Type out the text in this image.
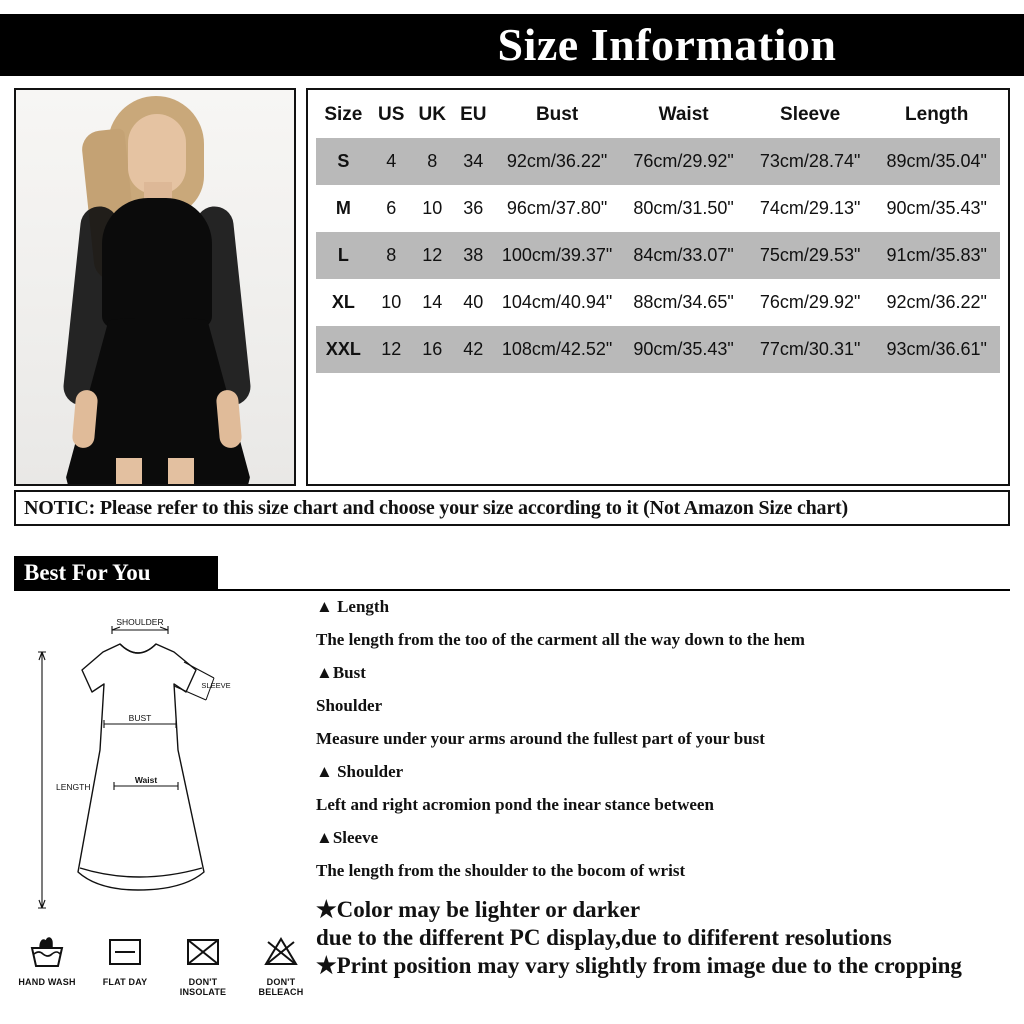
Size Information
Size	US	UK	EU	Bust	Waist	Sleeve	Length
S	4	8	34	92cm/36.22"	76cm/29.92"	73cm/28.74"	89cm/35.04"
M	6	10	36	96cm/37.80"	80cm/31.50"	74cm/29.13"	90cm/35.43"
L	8	12	38	100cm/39.37"	84cm/33.07"	75cm/29.53"	91cm/35.83"
XL	10	14	40	104cm/40.94"	88cm/34.65"	76cm/29.92"	92cm/36.22"
XXL	12	16	42	108cm/42.52"	90cm/35.43"	77cm/30.31"	93cm/36.61"
NOTIC: Please refer to this size chart and choose your size according to it (Not Amazon Size chart)
Best For You
SHOULDER
SLEEVE
BUST
Waist
LENGTH
HAND WASH	FLAT DAY	DON'T INSOLATE
DON'T BELEACH
▲ Length
The length from the too of the carment all the way down to the hem
▲Bust
Shoulder
Measure under your arms around the fullest part of your bust
▲ Shoulder
Left and right acromion pond the inear stance between
▲Sleeve
The length from the shoulder to the bocom of wrist
★Color may be lighter or darker
due to the different PC display,due to dififerent resolutions
★Print position may vary slightly from image due to the cropping
